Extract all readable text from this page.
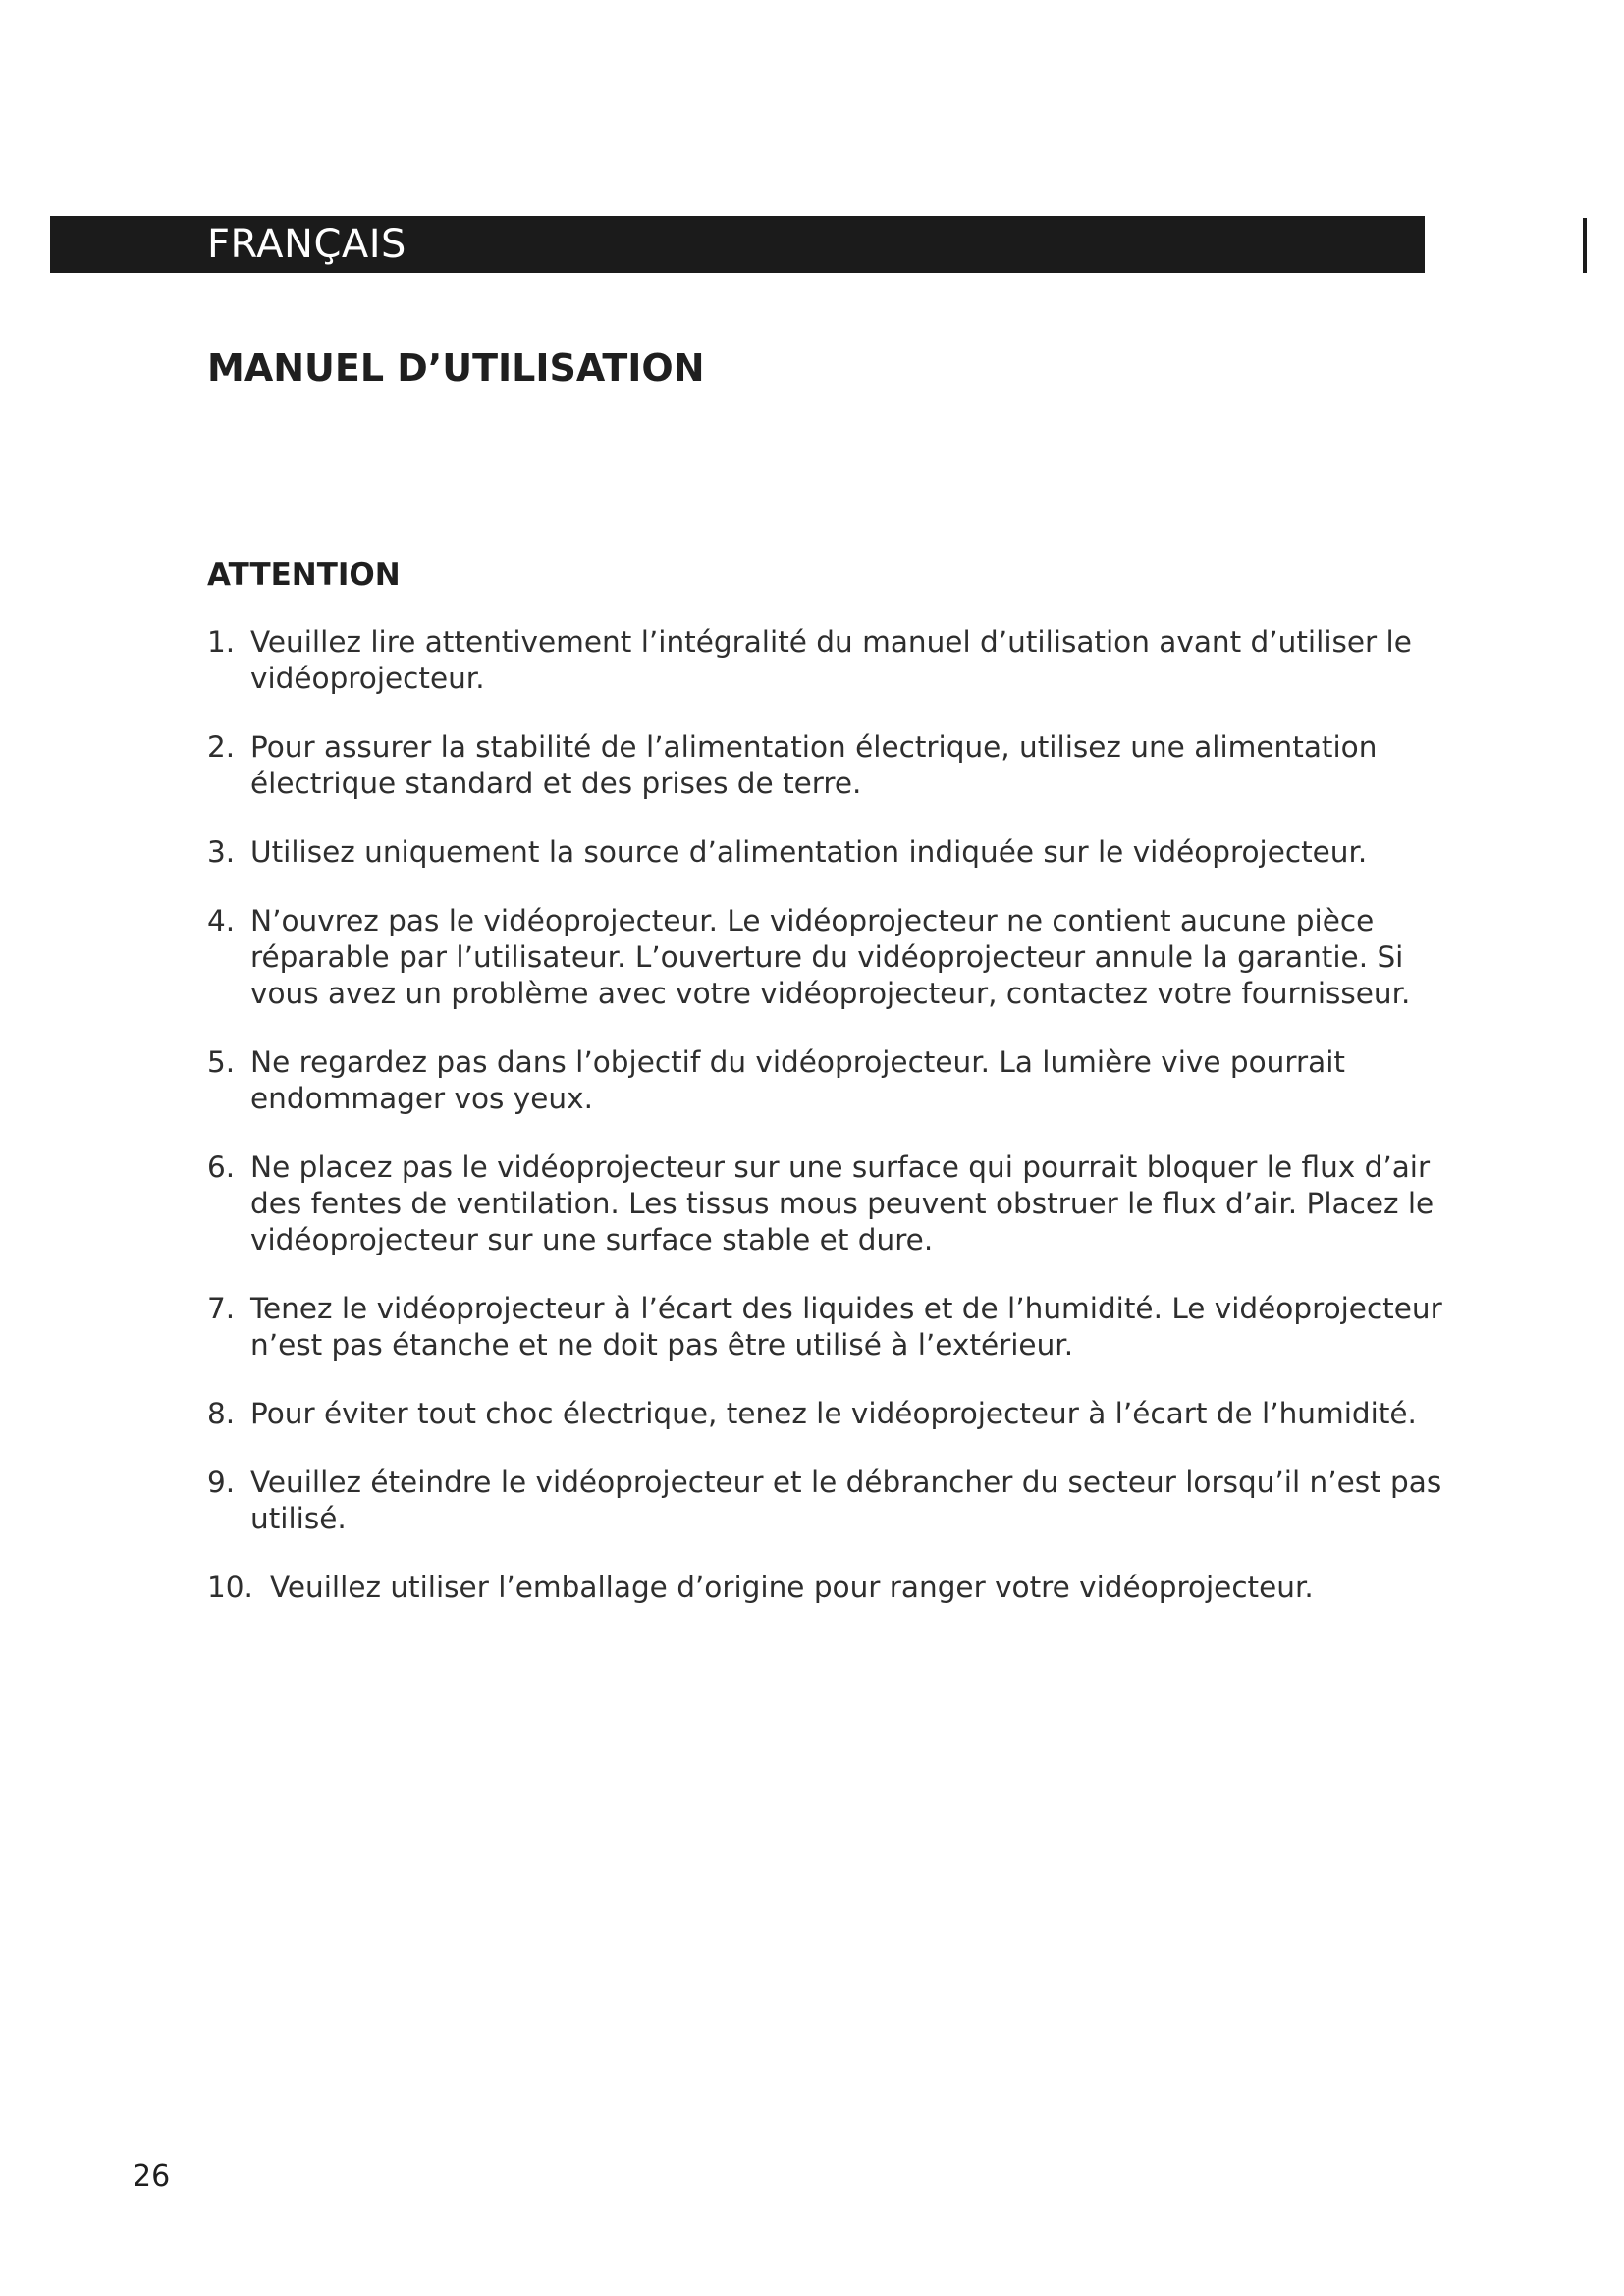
FRANÇAIS
MANUEL D’UTILISATION
ATTENTION
1. Veuillez lire attentivement l’intégralité du manuel d’utilisation avant d’utiliser le vidéoprojecteur.
2. Pour assurer la stabilité de l’alimentation électrique, utilisez une alimentation électrique standard et des prises de terre.
3. Utilisez uniquement la source d’alimentation indiquée sur le vidéoprojecteur.
4. N’ouvrez pas le vidéoprojecteur. Le vidéoprojecteur ne contient aucune pièce réparable par l’utilisateur. L’ouverture du vidéoprojecteur annule la garantie. Si vous avez un problème avec votre vidéoprojecteur, contactez votre fournisseur.
5. Ne regardez pas dans l’objectif du vidéoprojecteur. La lumière vive pourrait endommager vos yeux.
6. Ne placez pas le vidéoprojecteur sur une surface qui pourrait bloquer le flux d’air des fentes de ventilation. Les tissus mous peuvent obstruer le flux d’air. Placez le vidéoprojecteur sur une surface stable et dure.
7. Tenez le vidéoprojecteur à l’écart des liquides et de l’humidité. Le vidéoprojecteur n’est pas étanche et ne doit pas être utilisé à l’extérieur.
8. Pour éviter tout choc électrique, tenez le vidéoprojecteur à l’écart de l’humidité.
9. Veuillez éteindre le vidéoprojecteur et le débrancher du secteur lorsqu’il n’est pas utilisé.
10. Veuillez utiliser l’emballage d’origine pour ranger votre vidéoprojecteur.
26
